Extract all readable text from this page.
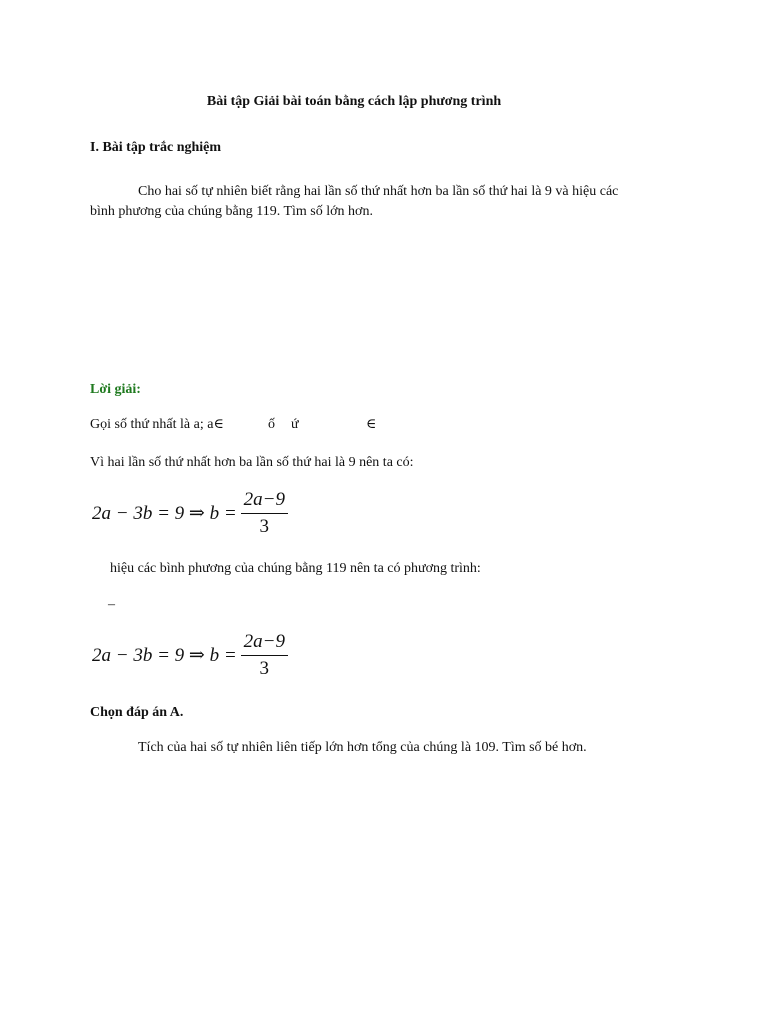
Bài tập Giải bài toán bằng cách lập phương trình
I. Bài tập trắc nghiệm
Cho hai số tự nhiên biết rằng hai lần số thứ nhất hơn ba lần số thứ hai là 9 và hiệu các
bình phương của chúng bằng 119. Tìm số lớn hơn.
Lời giải:
Gọi số thứ nhất là a; a∈	ố ứ	∈
Vì hai lần số thứ nhất hơn ba lần số thứ hai là 9 nên ta có:
2a − 3b = 9 ⇒ $b = \frac{2a-9}{3}$
hiệu các bình phương của chúng bằng 119 nên ta có phương trình:
–
2a − 3b = 9 ⇒ $b = \frac{2a-9}{3}$
Chọn đáp án A.
Tích của hai số tự nhiên liên tiếp lớn hơn tổng của chúng là 109. Tìm số bé hơn.
